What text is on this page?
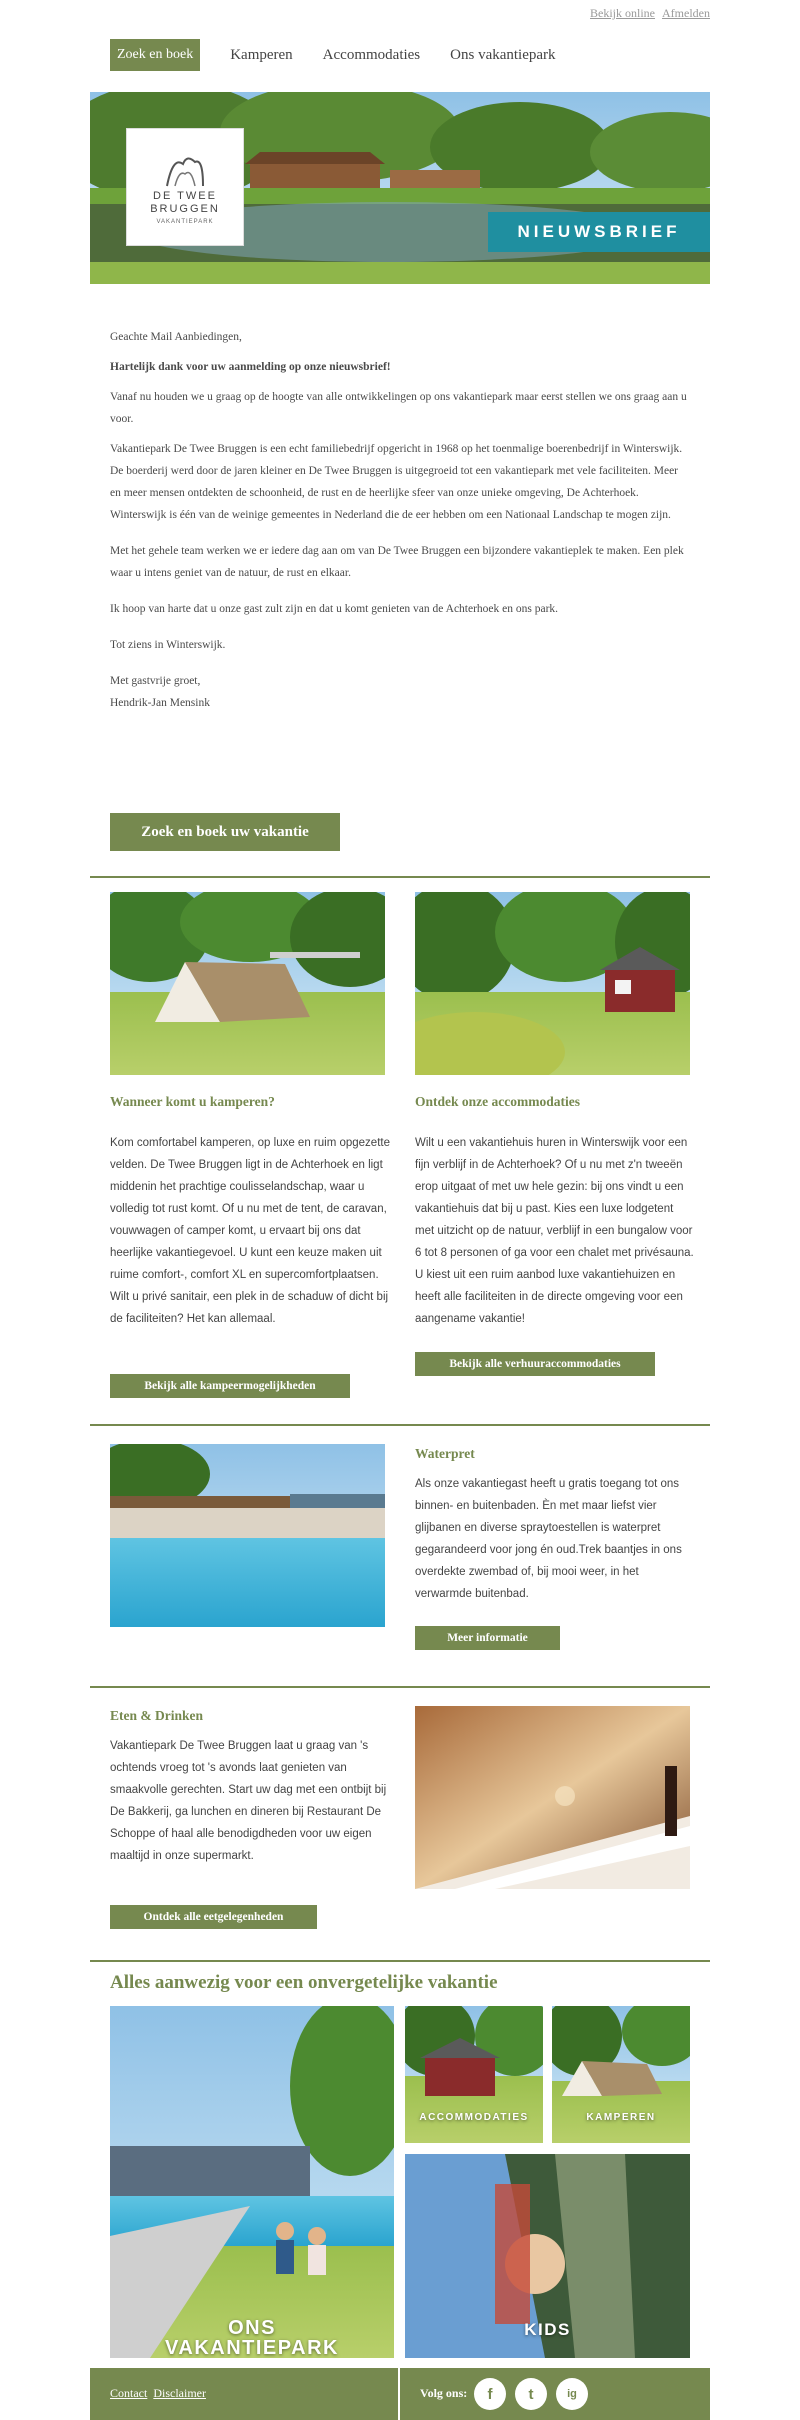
Bekijk online Afmelden
Zoek en boek	Kamperen Accommodaties Ons vakantiepark
DE TWEE
BRUGGEN
VAKANTIEPARK
NIEUWSBRIEF

Geachte Mail Aanbiedingen,

Hartelijk dank voor uw aanmelding op onze nieuwsbrief!

Vanaf nu houden we u graag op de hoogte van alle ontwikkelingen op ons vakantiepark maar eerst stellen we ons graag aan u voor.

Vakantiepark De Twee Bruggen is een echt familiebedrijf opgericht in 1968 op het toenmalige boerenbedrijf in Winterswijk. De boerderij werd door de jaren kleiner en De Twee Bruggen is uitgegroeid tot een vakantiepark met vele faciliteiten. Meer en meer mensen ontdekten de schoonheid, de rust en de heerlijke sfeer van onze unieke omgeving, De Achterhoek. Winterswijk is één van de weinige gemeentes in Nederland die de eer hebben om een Nationaal Landschap te mogen zijn.

Met het gehele team werken we er iedere dag aan om van De Twee Bruggen een bijzondere vakantieplek te maken. Een plek waar u intens geniet van de natuur, de rust en elkaar.

Ik hoop van harte dat u onze gast zult zijn en dat u komt genieten van de Achterhoek en ons park.

Tot ziens in Winterswijk.

Met gastvrije groet,

Hendrik-Jan Mensink

Zoek en boek uw vakantie
Wanneer komt u kamperen?
Kom comfortabel kamperen, op luxe en ruim opgezette velden. De Twee Bruggen ligt in de Achterhoek en ligt middenin het prachtige coulisselandschap, waar u volledig tot rust komt. Of u nu met de tent, de caravan, vouwwagen of camper komt, u ervaart bij ons dat heerlijke vakantiegevoel. U kunt een keuze maken uit ruime comfort-, comfort XL en supercomfortplaatsen. Wilt u privé sanitair, een plek in de schaduw of dicht bij de faciliteiten? Het kan allemaal.
Bekijk alle kampeermogelijkheden
Ontdek onze accommodaties
Wilt u een vakantiehuis huren in Winterswijk voor een fijn verblijf in de Achterhoek? Of u nu met z'n tweeën erop uitgaat of met uw hele gezin: bij ons vindt u een vakantiehuis dat bij u past. Kies een luxe lodgetent met uitzicht op de natuur, verblijf in een bungalow voor 6 tot 8 personen of ga voor een chalet met privésauna. U kiest uit een ruim aanbod luxe vakantiehuizen en heeft alle faciliteiten in de directe omgeving voor een aangename vakantie!
Bekijk alle verhuuraccommodaties
Waterpret
Als onze vakantiegast heeft u gratis toegang tot ons binnen- en buitenbaden. Èn met maar liefst vier glijbanen en diverse spraytoestellen is waterpret gegarandeerd voor jong én oud.Trek baantjes in ons overdekte zwembad of, bij mooi weer, in het verwarmde buitenbad.
Meer informatie
Eten & Drinken
Vakantiepark De Twee Bruggen laat u graag van 's ochtends vroeg tot 's avonds laat genieten van smaakvolle gerechten. Start uw dag met een ontbijt bij De Bakkerij, ga lunchen en dineren bij Restaurant De Schoppe of haal alle benodigdheden voor uw eigen maaltijd in onze supermarkt.
Ontdek alle eetgelegenheden
Alles aanwezig voor een onvergetelijke vakantie
ONS
VAKANTIEPARK
ACCOMMODATIES	KAMPEREN
KIDS
Contact Disclaimer	Volg ons:	f	t	ig
